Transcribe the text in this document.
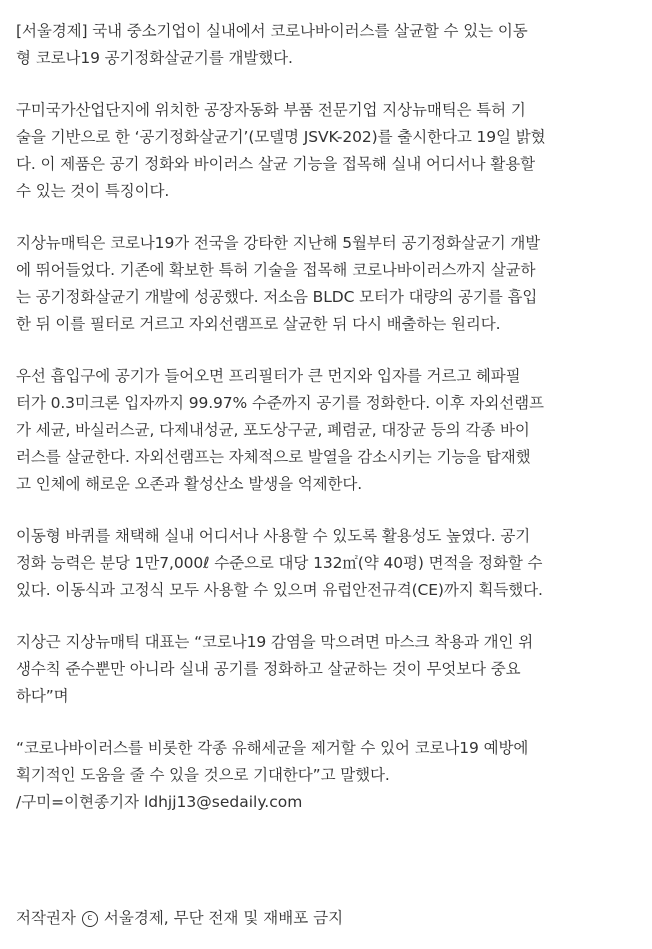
[서울경제] 국내 중소기업이 실내에서 코로나바이러스를 살균할 수 있는 이동
형 코로나19 공기정화살균기를 개발했다.

구미국가산업단지에 위치한 공장자동화 부품 전문기업 지상뉴매틱은 특허 기
술을 기반으로 한 ‘공기정화살균기’(모델명 JSVK-202)를 출시한다고 19일 밝혔
다. 이 제품은 공기 정화와 바이러스 살균 기능을 접목해 실내 어디서나 활용할
수 있는 것이 특징이다.

지상뉴매틱은 코로나19가 전국을 강타한 지난해 5월부터 공기정화살균기 개발
에 뛰어들었다. 기존에 확보한 특허 기술을 접목해 코로나바이러스까지 살균하
는 공기정화살균기 개발에 성공했다. 저소음 BLDC 모터가 대량의 공기를 흡입
한 뒤 이를 필터로 거르고 자외선램프로 살균한 뒤 다시 배출하는 원리다.

우선 흡입구에 공기가 들어오면 프리필터가 큰 먼지와 입자를 거르고 헤파필
터가 0.3미크론 입자까지 99.97% 수준까지 공기를 정화한다. 이후 자외선램프
가 세균, 바실러스균, 다제내성균, 포도상구균, 폐렴균, 대장균 등의 각종 바이
러스를 살균한다. 자외선램프는 자체적으로 발열을 감소시키는 기능을 탑재했
고 인체에 해로운 오존과 활성산소 발생을 억제한다.

이동형 바퀴를 채택해 실내 어디서나 사용할 수 있도록 활용성도 높였다. 공기
정화 능력은 분당 1만7,000ℓ 수준으로 대당 132㎡(약 40평) 면적을 정화할 수
있다. 이동식과 고정식 모두 사용할 수 있으며 유럽안전규격(CE)까지 획득했다.

지상근 지상뉴매틱 대표는 “코로나19 감염을 막으려면 마스크 착용과 개인 위
생수칙 준수뿐만 아니라 실내 공기를 정화하고 살균하는 것이 무엇보다 중요
하다”며

“코로나바이러스를 비롯한 각종 유해세균을 제거할 수 있어 코로나19 예방에
획기적인 도움을 줄 수 있을 것으로 기대한다”고 말했다.

/구미=이현종기자 ldhjj13@sedaily.com

저작권자	c 서울경제, 무단 전재 및 재배포 금지
